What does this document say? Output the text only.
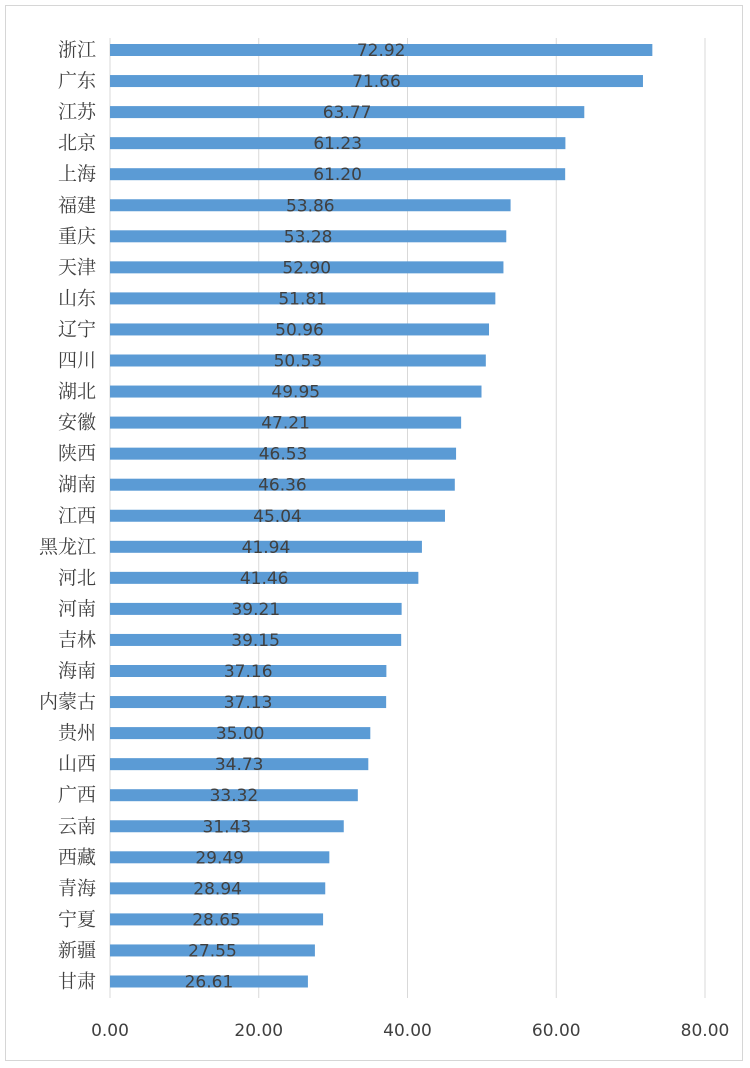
浙江
广东
江苏
北京
上海
福建
重庆
天津
山东
辽宁
四川
湖北
安徽
陕西
湖南
江西
黑龙江
河北
河南
吉林
海南
内蒙古
贵州
山西
广西
云南
西藏
青海
宁夏
新疆
甘肃
72.92
71.66
63.77
61.23
61.20
53.86
53.28
52.90
51.81
50.96
50.53
49.95
47.21
46.53
46.36
45.04
41.94
41.46
39.21
39.15
37.16
37.13
35.00
34.73
33.32
31.43
29.49
28.94
28.65
27.55
26.61
0.00	20.00	40.00	60.00	80.00
